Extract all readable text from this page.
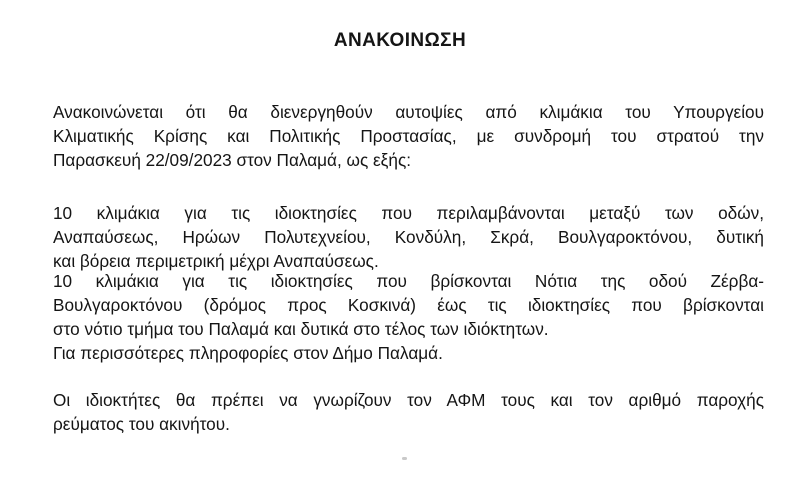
ΑΝΑΚΟΙΝΩΣΗ
Ανακοινώνεται ότι θα διενεργηθούν αυτοψίες από κλιμάκια του Υπουργείου
Κλιματικής Κρίσης και Πολιτικής Προστασίας, με συνδρομή του στρατού την
Παρασκευή 22/09/2023 στον Παλαμά, ως εξής:
10 κλιμάκια για τις ιδιοκτησίες που περιλαμβάνονται μεταξύ των οδών,
Αναπαύσεως, Ηρώων Πολυτεχνείου, Κονδύλη, Σκρά, Βουλγαροκτόνου, δυτική
και βόρεια περιμετρική μέχρι Αναπαύσεως.
10 κλιμάκια για τις ιδιοκτησίες που βρίσκονται Νότια της οδού Ζέρβα-
Βουλγαροκτόνου (δρόμος προς Κοσκινά) έως τις ιδιοκτησίες που βρίσκονται
στο νότιο τμήμα του Παλαμά και δυτικά στο τέλος των ιδιόκτητων.
Για περισσότερες πληροφορίες στον Δήμο Παλαμά.
Οι ιδιοκτήτες θα πρέπει να γνωρίζουν τον ΑΦΜ τους και τον αριθμό παροχής
ρεύματος του ακινήτου.
